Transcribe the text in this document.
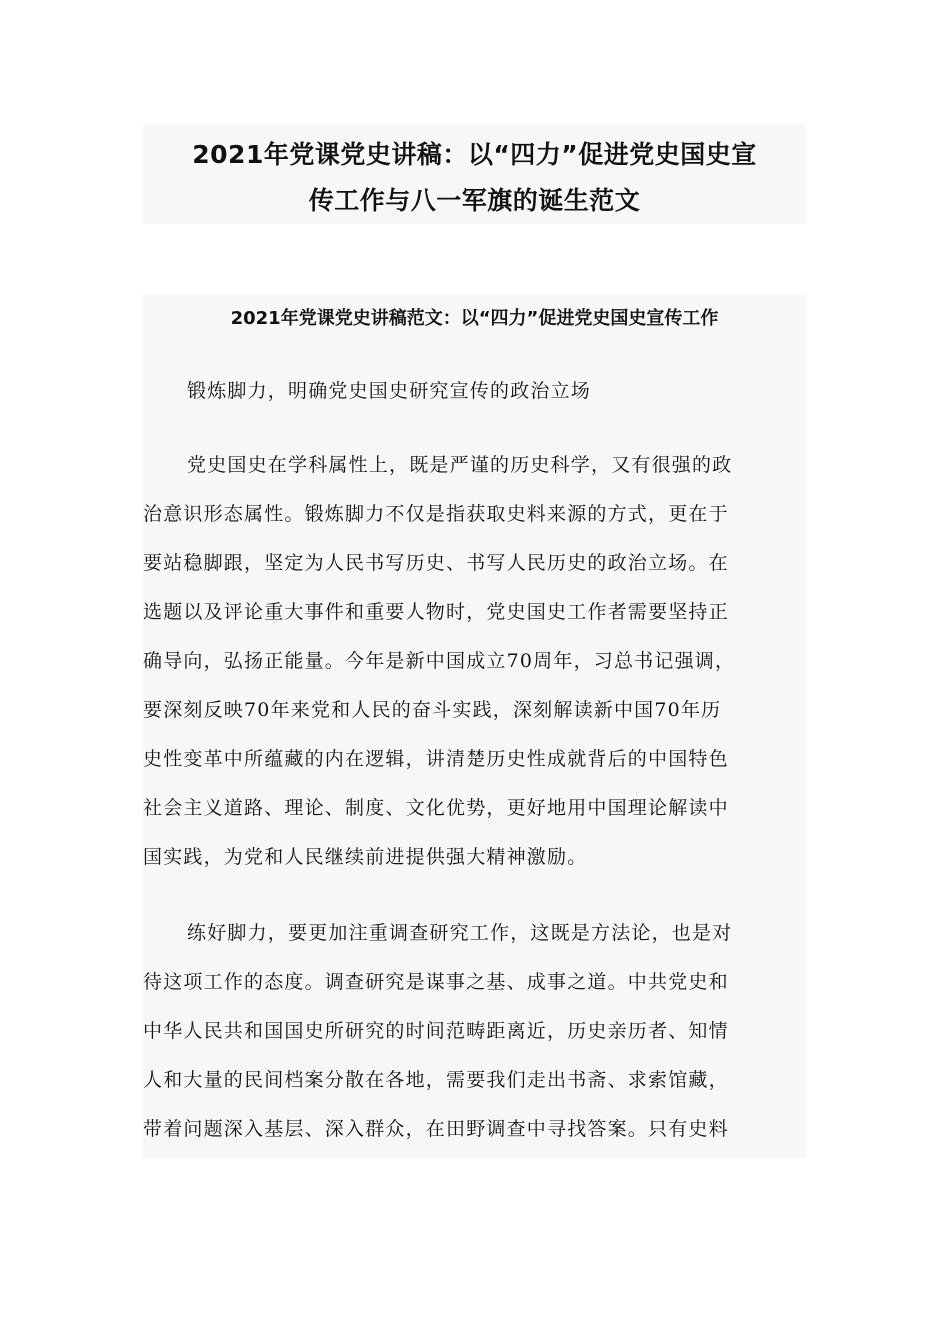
2021年党课党史讲稿：以“四力”促进党史国史宣
传工作与八一军旗的诞生范文
2021年党课党史讲稿范文：以“四力”促进党史国史宣传工作
锻炼脚力，明确党史国史研究宣传的政治立场
党史国史在学科属性上，既是严谨的历史科学，又有很强的政
治意识形态属性。锻炼脚力不仅是指获取史料来源的方式，更在于
要站稳脚跟，坚定为人民书写历史、书写人民历史的政治立场。在
选题以及评论重大事件和重要人物时，党史国史工作者需要坚持正
确导向，弘扬正能量。今年是新中国成立70周年，习总书记强调，
要深刻反映70年来党和人民的奋斗实践，深刻解读新中国70年历
史性变革中所蕴藏的内在逻辑，讲清楚历史性成就背后的中国特色
社会主义道路、理论、制度、文化优势，更好地用中国理论解读中
国实践，为党和人民继续前进提供强大精神激励。
练好脚力，要更加注重调查研究工作，这既是方法论，也是对
待这项工作的态度。调查研究是谋事之基、成事之道。中共党史和
中华人民共和国国史所研究的时间范畴距离近，历史亲历者、知情
人和大量的民间档案分散在各地，需要我们走出书斋、求索馆藏，
带着问题深入基层、深入群众，在田野调查中寻找答案。只有史料
